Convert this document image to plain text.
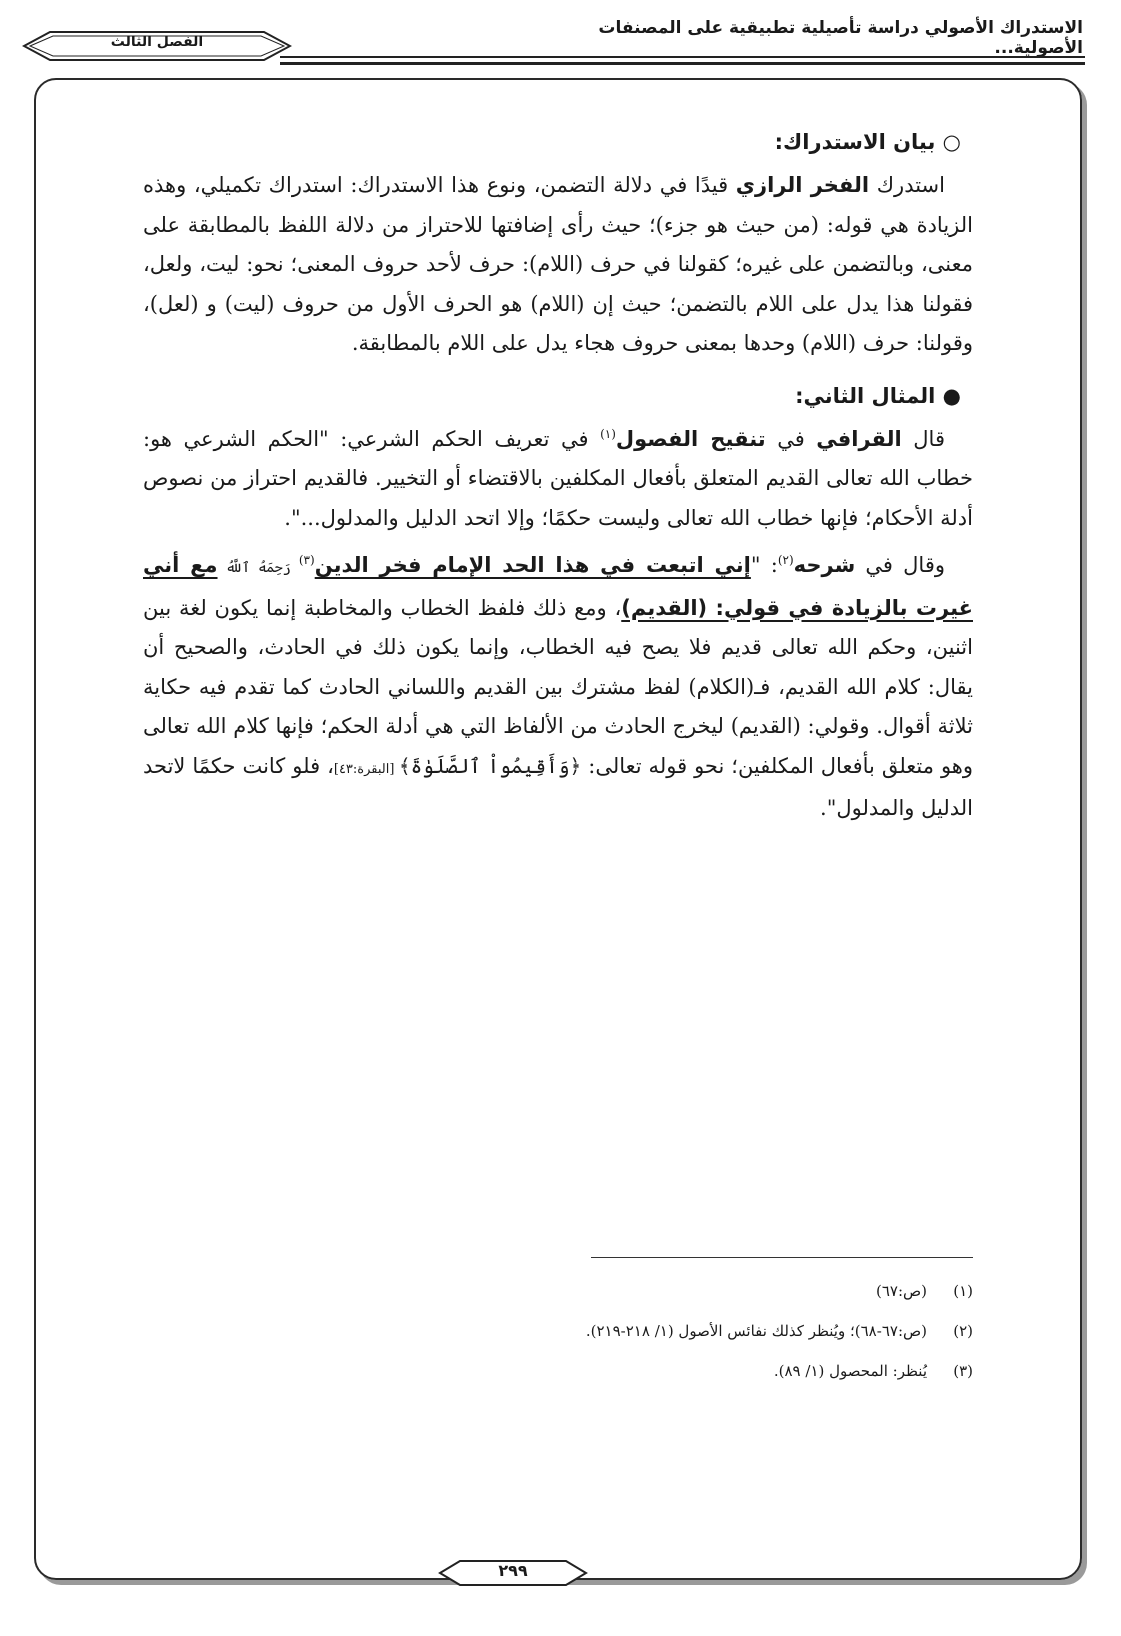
الاستدراك الأصولي دراسة تأصيلية تطبيقية على المصنفات الأصولية...
الفصل الثالث

○ بيان الاستدراك:

استدرك الفخر الرازي قيدًا في دلالة التضمن، ونوع هذا الاستدراك: استدراك تكميلي، وهذه الزيادة هي قوله: (من حيث هو جزء)؛ حيث رأى إضافتها للاحتراز من دلالة اللفظ بالمطابقة على معنى، وبالتضمن على غيره؛ كقولنا في حرف (اللام): حرف لأحد حروف المعنى؛ نحو: ليت، ولعل، فقولنا هذا يدل على اللام بالتضمن؛ حيث إن (اللام) هو الحرف الأول من حروف (ليت) و (لعل)، وقولنا: حرف (اللام) وحدها بمعنى حروف هجاء يدل على اللام بالمطابقة.

● المثال الثاني:

قال القرافي في تنقيح الفصول$^{(١)}$ في تعريف الحكم الشرعي: "الحكم الشرعي هو: خطاب الله تعالى القديم المتعلق بأفعال المكلفين بالاقتضاء أو التخيير. فالقديم احتراز من نصوص أدلة الأحكام؛ فإنها خطاب الله تعالى وليست حكمًا؛ وإلا اتحد الدليل والمدلول...".

وقال في شرحه$^{(٢)}$: "إني اتبعت في هذا الحد الإمام فخر الدين$^{(٣)}$ رَحِمَهُ ٱللَّهُ مع أني غيرت بالزيادة في قولي: (القديم)، ومع ذلك فلفظ الخطاب والمخاطبة إنما يكون لغة بين اثنين، وحكم الله تعالى قديم فلا يصح فيه الخطاب، وإنما يكون ذلك في الحادث، والصحيح أن يقال: كلام الله القديم، فـ(الكلام) لفظ مشترك بين القديم واللساني الحادث كما تقدم فيه حكاية ثلاثة أقوال. وقولي: (القديم) ليخرج الحادث من الألفاظ التي هي أدلة الحكم؛ فإنها كلام الله تعالى وهو متعلق بأفعال المكلفين؛ نحو قوله تعالى: ﴿وَأَقِيمُواْ ٱلصَّلَوٰةَ﴾ [البقرة:٤٣]، فلو كانت حكمًا لاتحد الدليل والمدلول".

(١)(ص:٦٧)

(٢)(ص:٦٧-٦٨)؛ ويُنظر كذلك نفائس الأصول (١/ ٢١٨-٢١٩).

(٣)يُنظر: المحصول (١/ ٨٩).

٢٩٩
